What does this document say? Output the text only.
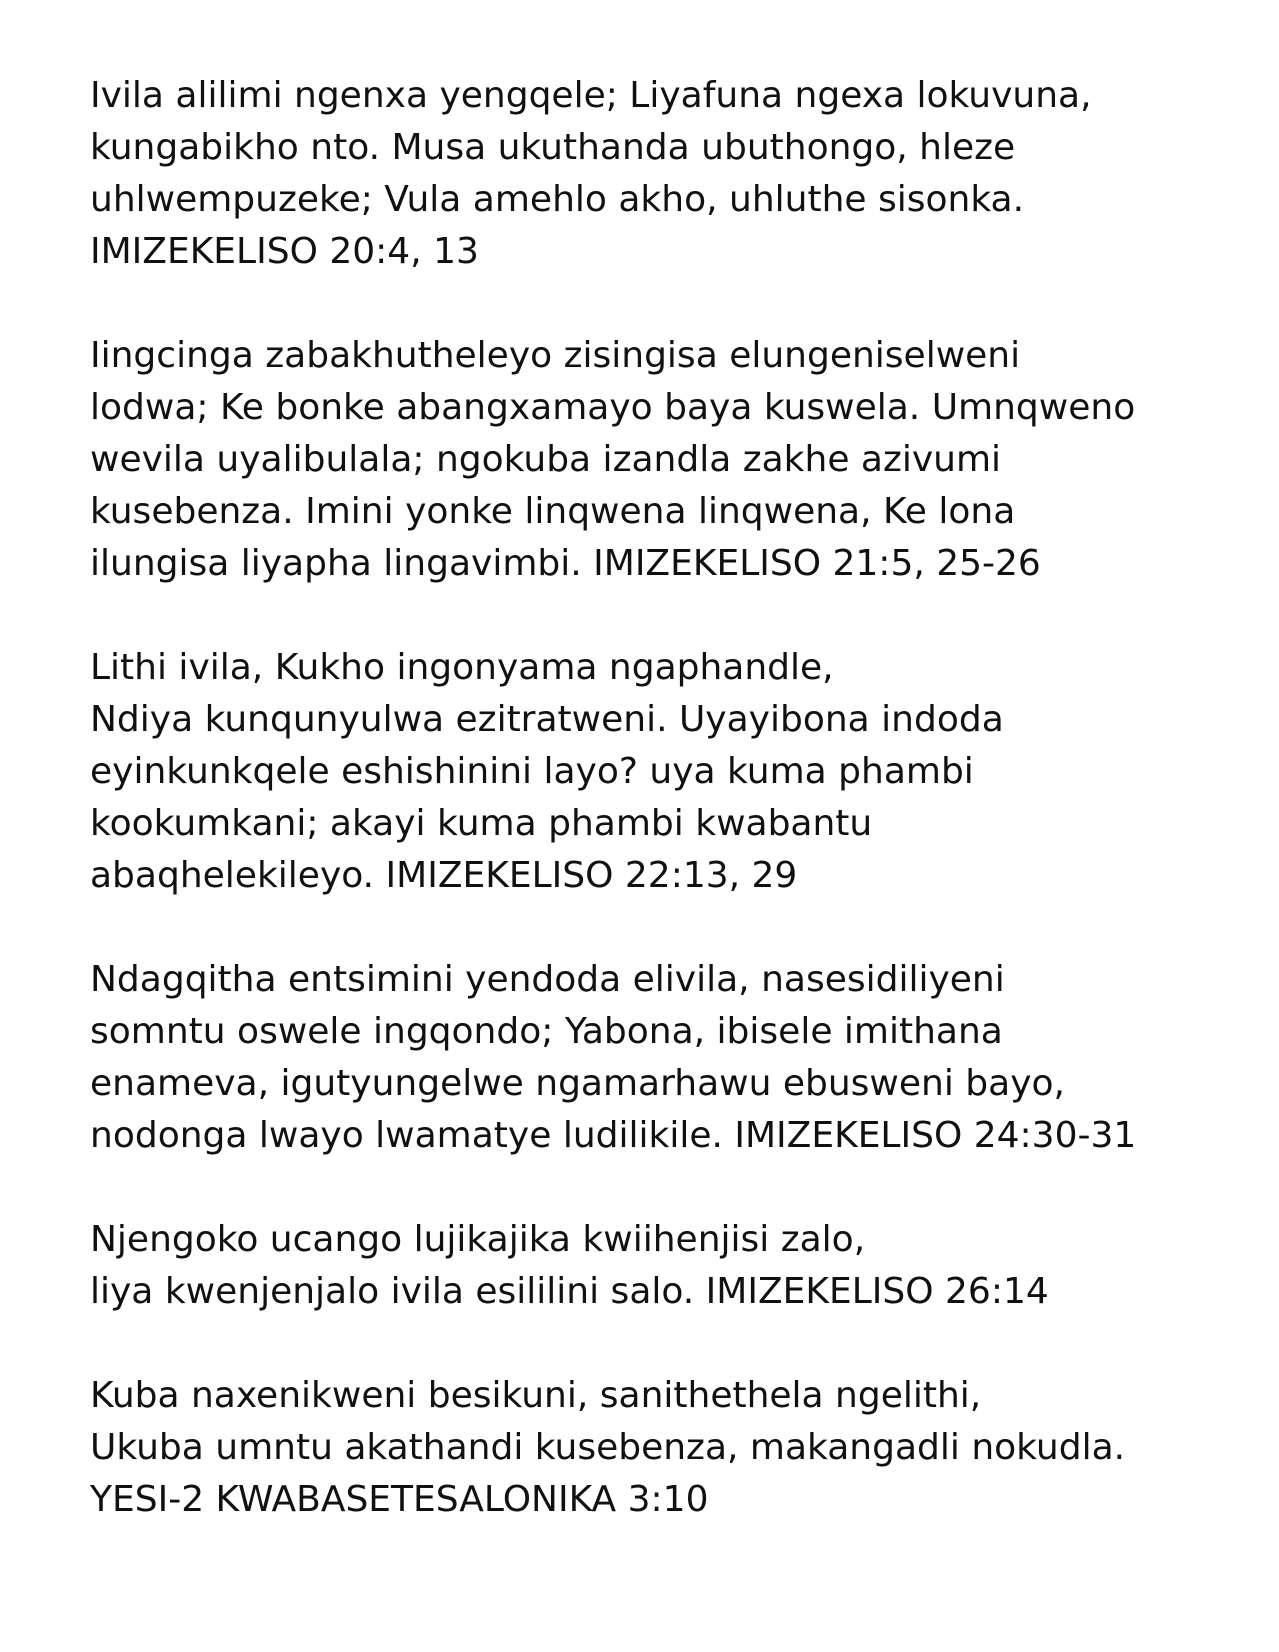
Ivila alilimi ngenxa yengqele; Liyafuna ngexa lokuvuna,
kungabikho nto. Musa ukuthanda ubuthongo, hleze
uhlwempuzeke; Vula amehlo akho, uhluthe sisonka.
IMIZEKELISO 20:4, 13

Iingcinga zabakhutheleyo zisingisa elungeniselweni
lodwa; Ke bonke abangxamayo baya kuswela. Umnqweno
wevila uyalibulala; ngokuba izandla zakhe azivumi
kusebenza. Imini yonke linqwena linqwena, Ke lona
ilungisa liyapha lingavimbi. IMIZEKELISO 21:5, 25-26

Lithi ivila, Kukho ingonyama ngaphandle,
Ndiya kunqunyulwa ezitratweni. Uyayibona indoda
eyinkunkqele eshishinini layo? uya kuma phambi
kookumkani; akayi kuma phambi kwabantu
abaqhelekileyo. IMIZEKELISO 22:13, 29

Ndagqitha entsimini yendoda elivila, nasesidiliyeni
somntu oswele ingqondo; Yabona, ibisele imithana
enameva, igutyungelwe ngamarhawu ebusweni bayo,
nodonga lwayo lwamatye ludilikile. IMIZEKELISO 24:30-31

Njengoko ucango lujikajika kwiihenjisi zalo,
liya kwenjenjalo ivila esililini salo. IMIZEKELISO 26:14

Kuba naxenikweni besikuni, sanithethela ngelithi,
Ukuba umntu akathandi kusebenza, makangadli nokudla.
YESI-2 KWABASETESALONIKA 3:10
